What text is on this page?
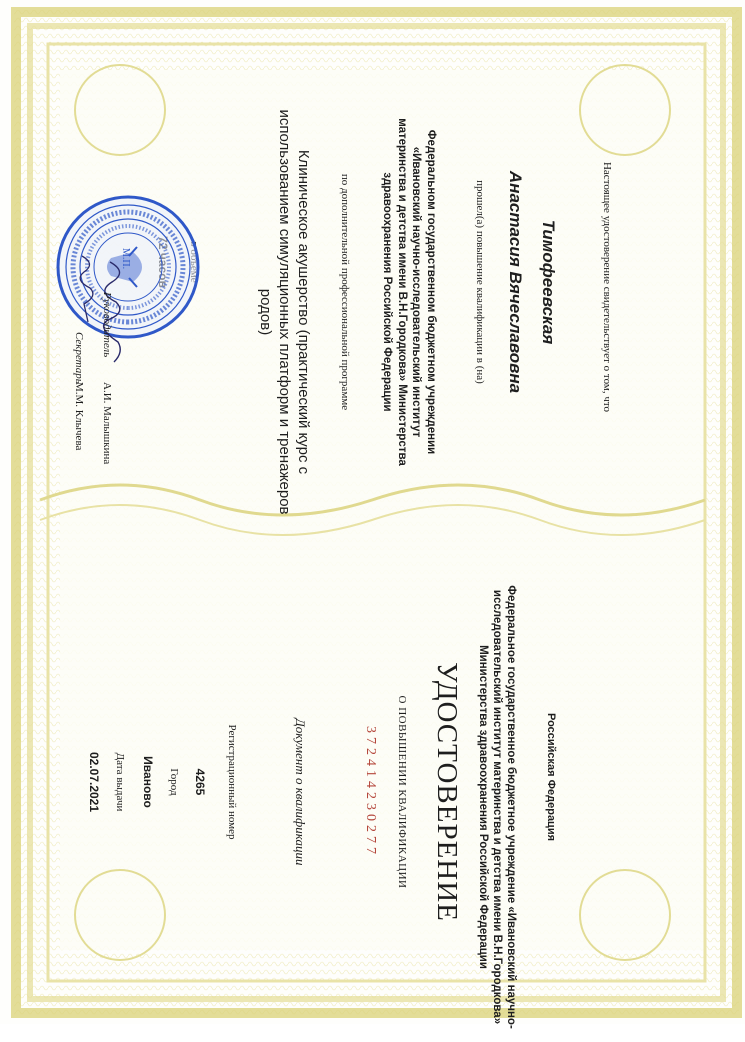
Российская Федерация
Федеральное государственное бюджетное учреждение «Ивановский научно-исследовательский институт материнства и детства имени В.Н.Городкова» Министерства здравоохранения Российской Федерации
УДОСТОВЕРЕНИЕ
О ПОВЫШЕНИИ КВАЛИФИКАЦИИ
372414230277
Документ о квалификации
Регистрационный номер
4265
Город
Иваново
Дата выдачи
02.07.2021
Настоящее удостоверение свидетельствует о том, что
Тимофеевская
Анастасия Вячеславовна
прошел(а) повышение квалификации в (на)
Федеральном государственном бюджетном учреждении «Ивановский научно-исследовательский институт материнства и детства имени В.Н.Городкова» Министерства здравоохранения Российской Федерации
по дополнительной профессиональной программе
Клиническое акушерство (практический курс с использованием симуляционных платформ и тренажеров родов)
М.П.
Руководитель
А.И. Малышкина
Секретарь
М.М. Клычева
